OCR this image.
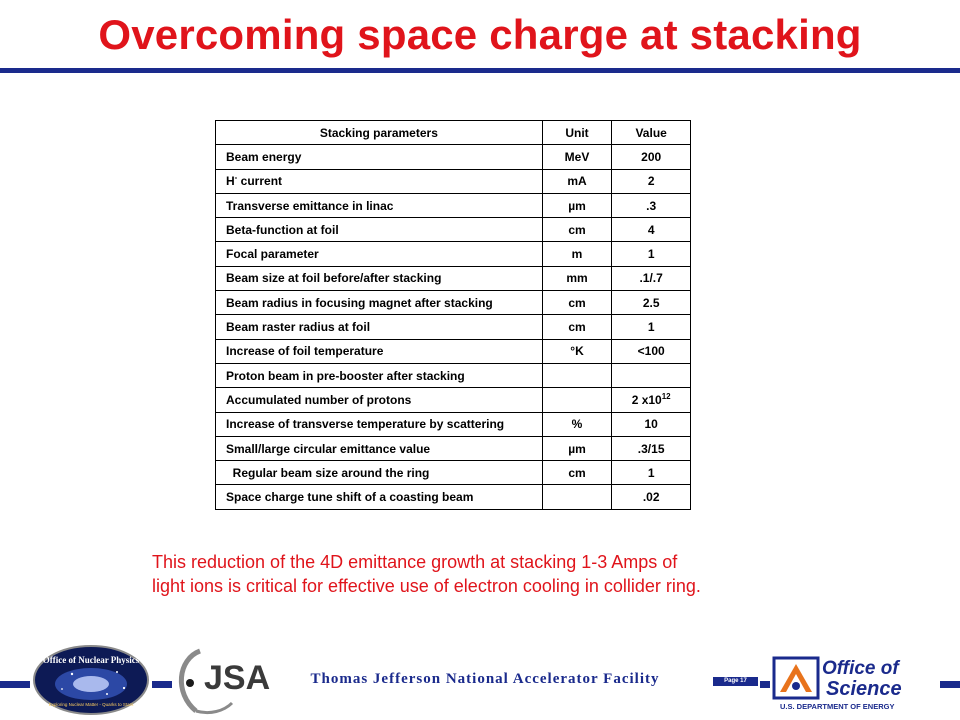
Overcoming space charge at stacking
Stacking parameters	Unit	Value
Beam energy	MeV	200
H- current	mA	2
Transverse emittance in linac	µm	.3
Beta-function at foil	cm	4
Focal parameter	m	1
Beam size at foil before/after stacking	mm	.1/.7
Beam radius in focusing magnet after stacking	cm	2.5
Beam raster radius at foil	cm	1
Increase of foil temperature	°K	<100
Proton beam in pre-booster after stacking		
Accumulated number of protons		2 $x10^{12}$
Increase of transverse temperature by scattering	%	10
Small/large circular emittance value	µm	.3/15
Regular beam size around the ring	cm	1
Space charge tune shift of a coasting beam		.02
This reduction of the 4D emittance growth at stacking 1-3 Amps of
light ions is critical for effective use of electron cooling in collider ring.
Office of Nuclear Physics
Exploring Nuclear Matter - Quarks to Stars
JSA	Thomas Jefferson National Accelerator Facility	Page 17
Office of
Science
U.S. DEPARTMENT OF ENERGY
